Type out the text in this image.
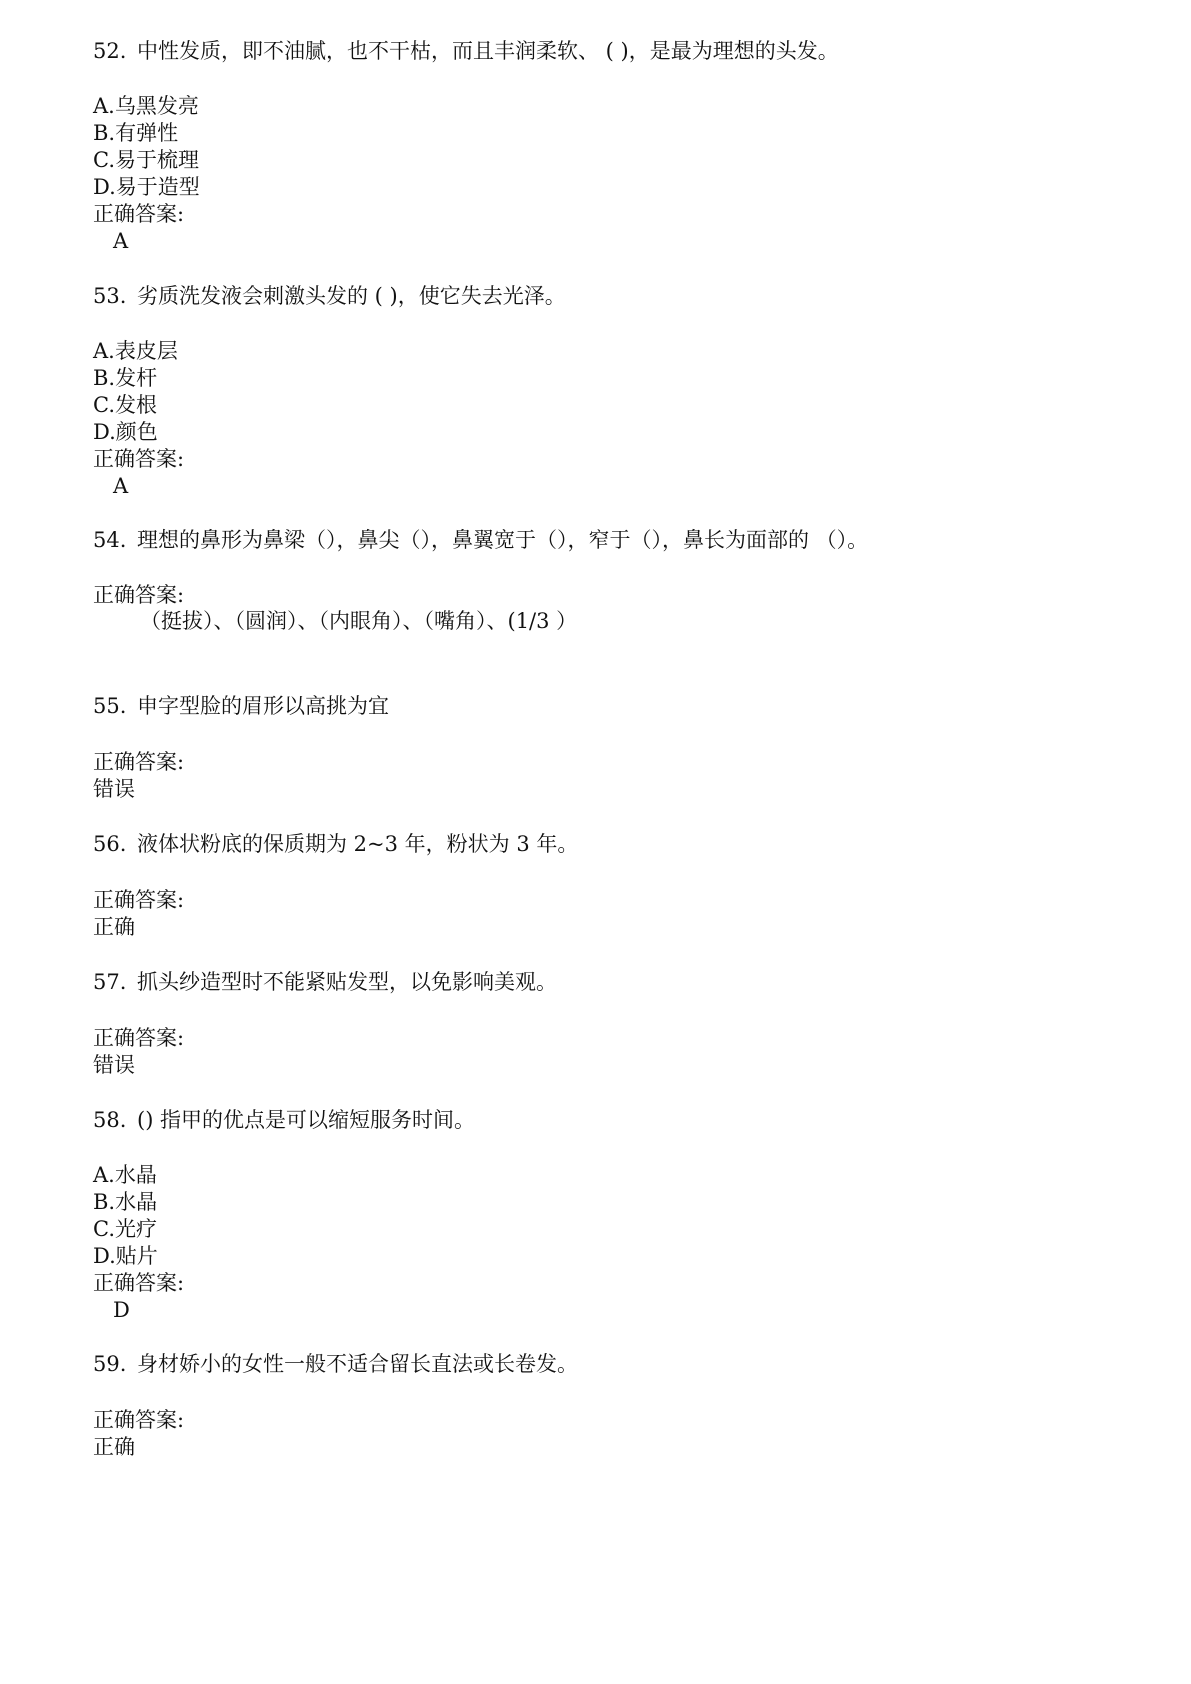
52. 中性发质，即不油腻，也不干枯，而且丰润柔软、 ( )，是最为理想的头发。
A.乌黑发亮
B.有弹性
C.易于梳理
D.易于造型
正确答案:
A
53. 劣质洗发液会刺激头发的 ( )，使它失去光泽。
A.表皮层
B.发杆
C.发根
D.颜色
正确答案:
A
54. 理想的鼻形为鼻梁（），鼻尖（），鼻翼宽于（），窄于（），鼻长为面部的 （）。
正确答案:
（挺拔）、（圆润）、（内眼角）、（嘴角）、(1/3 ）
55. 申字型脸的眉形以高挑为宜
正确答案:
错误
56. 液体状粉底的保质期为 2~3 年，粉状为 3 年。
正确答案:
正确
57. 抓头纱造型时不能紧贴发型，以免影响美观。
正确答案:
错误
58. () 指甲的优点是可以缩短服务时间。
A.水晶
B.水晶
C.光疗
D.贴片
正确答案:
D
59. 身材娇小的女性一般不适合留长直法或长卷发。
正确答案:
正确
